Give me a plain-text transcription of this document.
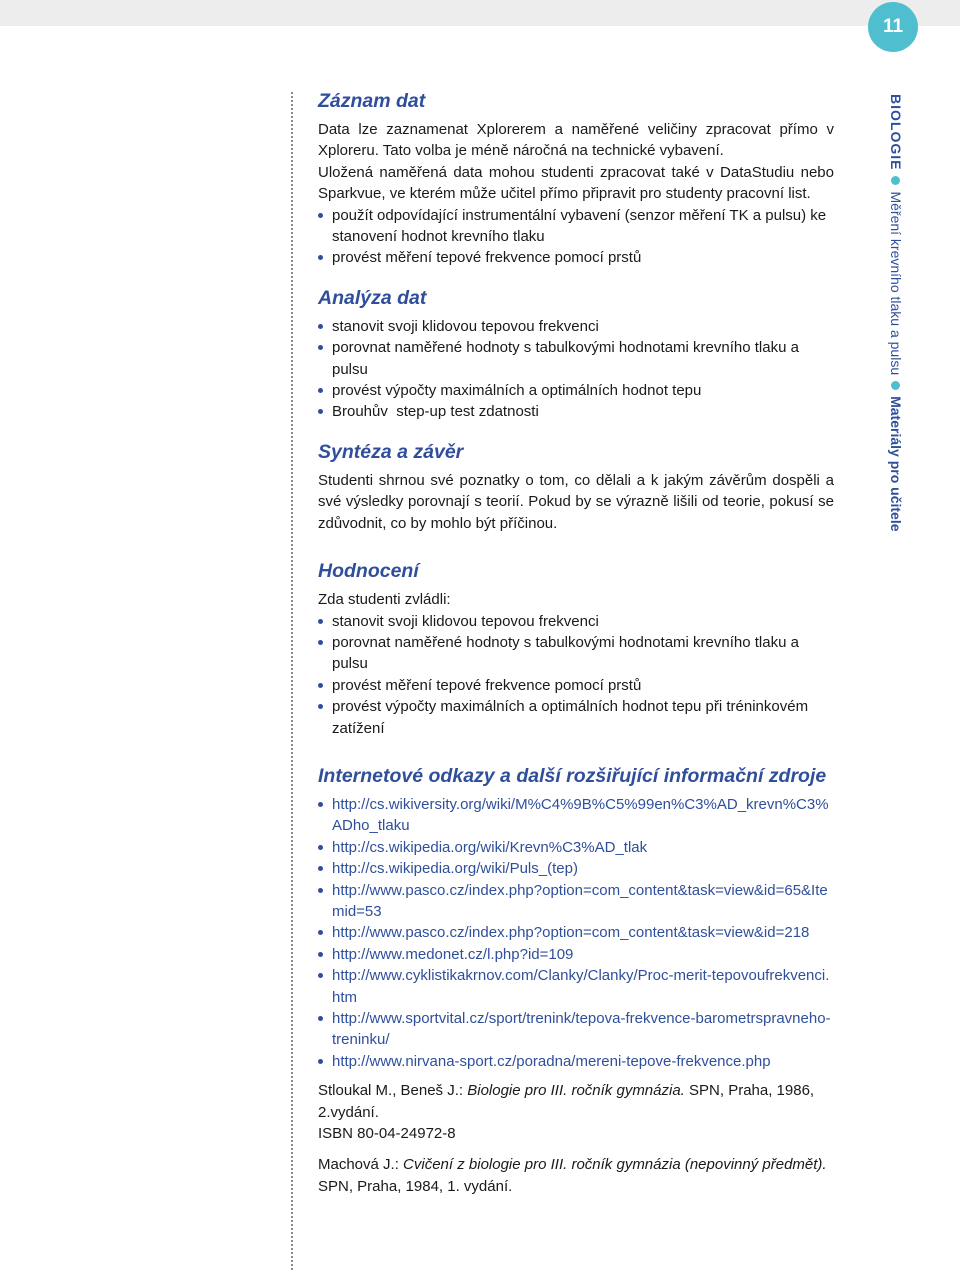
11
BIOLOGIE
Měření krevního tlaku a pulsu
Materiály pro učitele
Záznam dat

Data lze zaznamenat Xplorerem a naměřené veličiny zpracovat přímo v Xploreru. Tato volba je méně náročná na technické vybavení.

Uložená naměřená data mohou studenti zpracovat také v DataStudiu nebo Sparkvue, ve kterém může učitel přímo připravit pro studenty pracovní list.

použít odpovídající instrumentální vybavení (senzor měření TK a pulsu) ke stanovení hodnot krevního tlaku
provést měření tepové frekvence pomocí prstů
Analýza dat
stanovit svoji klidovou tepovou frekvenci
porovnat naměřené hodnoty s tabulkovými hodnotami krevního tlaku a pulsu
provést výpočty maximálních a optimálních hodnot tepu
Brouhův  step-up test zdatnosti
Syntéza a závěr

Studenti shrnou své poznatky o tom, co dělali a k jakým závěrům dospěli a své výsledky porovnají s teorií. Pokud by se výrazně lišili od teorie, pokusí se zdůvodnit, co by mohlo být příčinou.

Hodnocení

Zda studenti zvládli:

stanovit svoji klidovou tepovou frekvenci
porovnat naměřené hodnoty s tabulkovými hodnotami krevního tlaku a pulsu
provést měření tepové frekvence pomocí prstů
provést výpočty maximálních a optimálních hodnot tepu při tréninkovém zatížení
Internetové odkazy a další rozšiřující informační zdroje
http://cs.wikiversity.org/wiki/M%C4%9B%C5%99en%C3%AD_krevn%C3%ADho_tlaku
http://cs.wikipedia.org/wiki/Krevn%C3%AD_tlak
http://cs.wikipedia.org/wiki/Puls_(tep)
http://www.pasco.cz/index.php?option=com_content&task=view&id=65&Itemid=53
http://www.pasco.cz/index.php?option=com_content&task=view&id=218
http://www.medonet.cz/l.php?id=109
http://www.cyklistikakrnov.com/Clanky/Clanky/Proc-merit-tepovoufrekvenci.htm
http://www.sportvital.cz/sport/trenink/tepova-frekvence-barometrspravneho-treninku/
http://www.nirvana-sport.cz/poradna/mereni-tepove-frekvence.php

Stloukal M., Beneš J.: Biologie pro III. ročník gymnázia. SPN, Praha, 1986, 2.vydání.
ISBN 80-04-24972-8

Machová J.: Cvičení z biologie pro III. ročník gymnázia (nepovinný předmět). SPN, Praha, 1984, 1. vydání.
